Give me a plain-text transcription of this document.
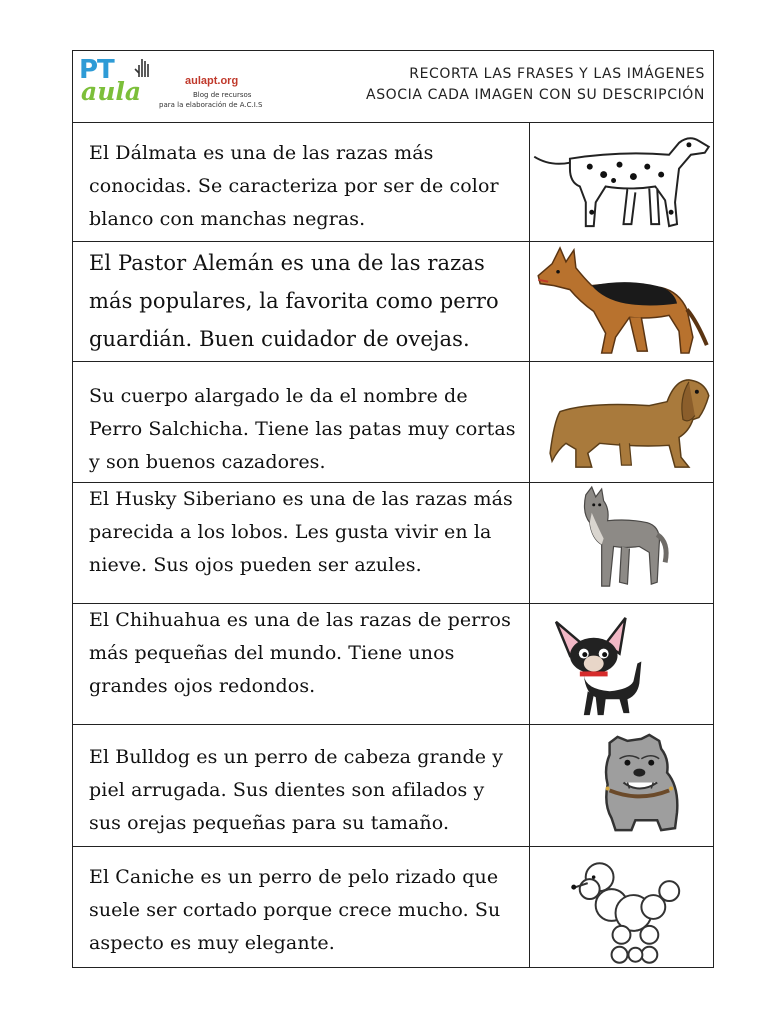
PT
aula	aulapt.org
Blog de recursos
para la elaboración de A.C.I.S
RECORTA LAS FRASES Y LAS IMÁGENES
ASOCIA CADA IMAGEN CON SU DESCRIPCIÓN

El Dálmata es una de las razas más conocidas. Se caracteriza por ser de color blanco con manchas negras.

El Pastor Alemán es una de las razas más populares, la favorita como perro guardián. Buen cuidador de ovejas.

Su cuerpo alargado le da el nombre de Perro Salchicha. Tiene las patas muy cortas y son buenos cazadores.

El Husky Siberiano es una de las razas más parecida a los lobos. Les gusta vivir en la nieve. Sus ojos pueden ser azules.

El Chihuahua es una de las razas de perros más pequeñas del mundo. Tiene unos grandes ojos redondos.

El Bulldog es un perro de cabeza grande y piel arrugada. Sus dientes son afilados y sus orejas pequeñas para su tamaño.

El Caniche es un perro de pelo rizado que suele ser cortado porque crece mucho. Su aspecto es muy elegante.
